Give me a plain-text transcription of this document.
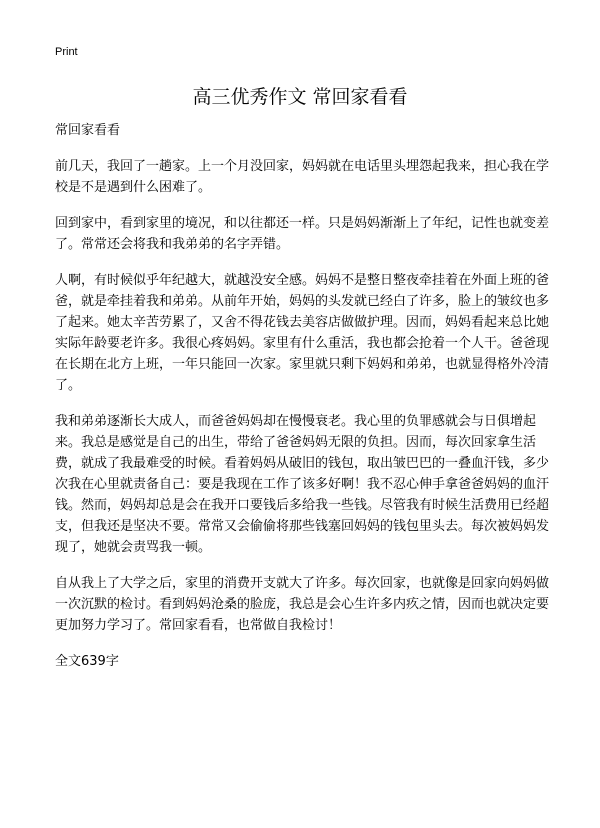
Print
高三优秀作文 常回家看看

常回家看看

前几天，我回了一趟家。上一个月没回家，妈妈就在电话里头埋怨起我来，担心我在学校是不是遇到什么困难了。

回到家中，看到家里的境况，和以往都还一样。只是妈妈渐渐上了年纪，记性也就变差了。常常还会将我和我弟弟的名字弄错。

人啊，有时候似乎年纪越大，就越没安全感。妈妈不是整日整夜牵挂着在外面上班的爸爸，就是牵挂着我和弟弟。从前年开始，妈妈的头发就已经白了许多，脸上的皱纹也多了起来。她太辛苦劳累了，又舍不得花钱去美容店做做护理。因而，妈妈看起来总比她实际年龄要老许多。我很心疼妈妈。家里有什么重活，我也都会抢着一个人干。爸爸现在长期在北方上班，一年只能回一次家。家里就只剩下妈妈和弟弟，也就显得格外冷清了。

我和弟弟逐渐长大成人，而爸爸妈妈却在慢慢衰老。我心里的负罪感就会与日俱增起来。我总是感觉是自己的出生，带给了爸爸妈妈无限的负担。因而，每次回家拿生活费，就成了我最难受的时候。看着妈妈从破旧的钱包，取出皱巴巴的一叠血汗钱，多少次我在心里就责备自己：要是我现在工作了该多好啊！我不忍心伸手拿爸爸妈妈的血汗钱。然而，妈妈却总是会在我开口要钱后多给我一些钱。尽管我有时候生活费用已经超支，但我还是坚决不要。常常又会偷偷将那些钱塞回妈妈的钱包里头去。每次被妈妈发现了，她就会责骂我一顿。

自从我上了大学之后，家里的消费开支就大了许多。每次回家，也就像是回家向妈妈做一次沉默的检讨。看到妈妈沧桑的脸庞，我总是会心生许多内疚之情，因而也就决定要更加努力学习了。常回家看看，也常做自我检讨！

全文639字
